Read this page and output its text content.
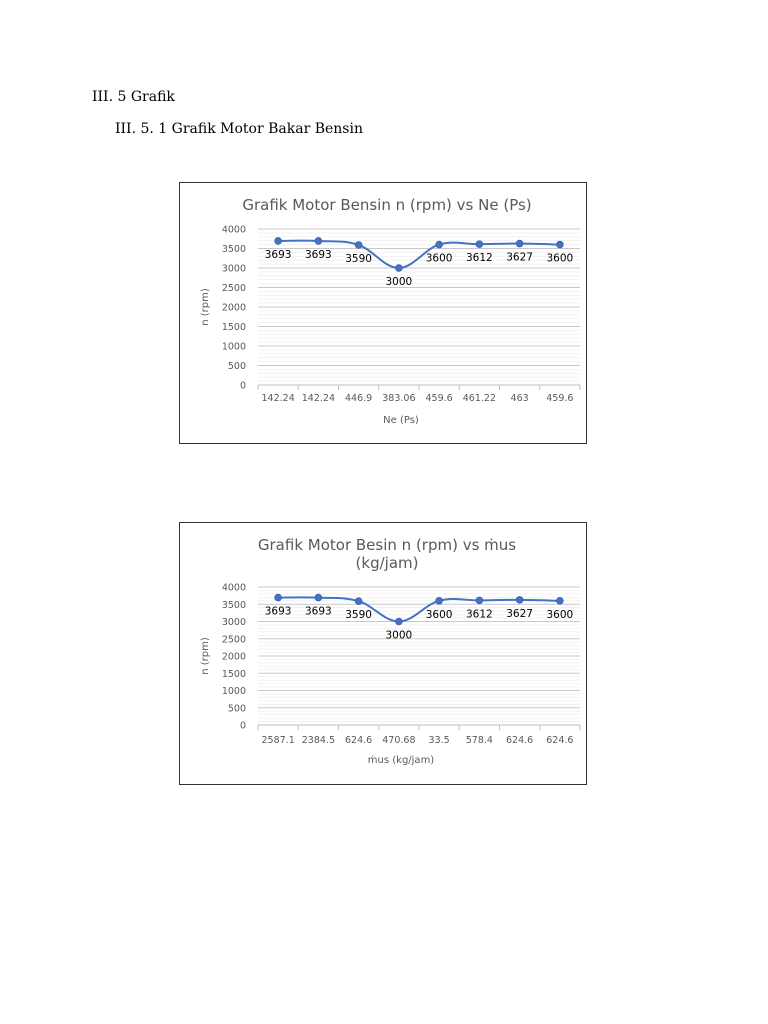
III. 5 Grafik
III. 5. 1 Grafik Motor Bakar Bensin
Grafik Motor Bensin n (rpm) vs Ne (Ps)
0
500
1000
1500
2000
2500
3000
3500
4000
142.24 142.24 446.9 383.06 459.6 461.22 463 459.6
Ne (Ps)
n (rpm)
3693 3693 3590
3000
3600 3612 3627 3600
Grafik Motor Besin n (rpm) vs ṁus
(kg/jam)
0
500
1000
1500
2000
2500
3000
3500
4000
2587.1 2384.5 624.6 470.68 33.5 578.4 624.6 624.6
ṁus (kg/jam)
n (rpm)
3693 3693 3590
3000
3600 3612 3627 3600
